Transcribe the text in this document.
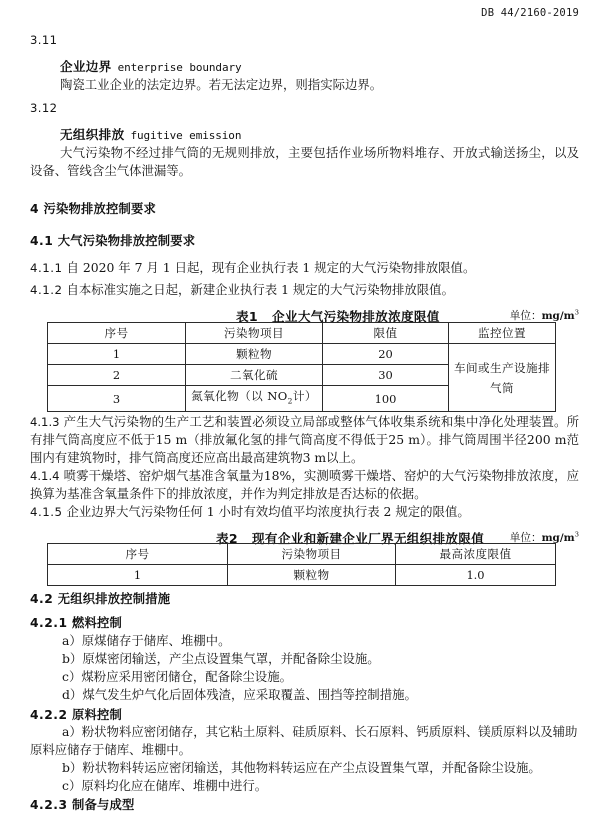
DB 44/2160-2019
3.11
企业边界 enterprise boundary
陶瓷工业企业的法定边界。若无法定边界，则指实际边界。
3.12
无组织排放 fugitive emission
大气污染物不经过排气筒的无规则排放，主要包括作业场所物料堆存、开放式输送扬尘，以及设备、管线含尘气体泄漏等。
4 污染物排放控制要求
4.1 大气污染物排放控制要求
4.1.1 自 2020 年 7 月 1 日起，现有企业执行表 1 规定的大气污染物排放限值。
4.1.2 自本标准实施之日起，新建企业执行表 1 规定的大气污染物排放限值。
表1 企业大气污染物排放浓度限值	单位：$mg/m^3$
序号	污染物项目	限值	监控位置
1	颗粒物	20	车间或生产设施排气筒
2	二氧化硫	30	
3	氮氧化物（以 $NO_2$计）	100	
4.1.3 产生大气污染物的生产工艺和装置必须设立局部或整体气体收集系统和集中净化处理装置。所有排气筒高度应不低于15 m（排放氟化氢的排气筒高度不得低于25 m）。排气筒周围半径200 m范围内有建筑物时，排气筒高度还应高出最高建筑物3 m以上。
4.1.4 喷雾干燥塔、窑炉烟气基准含氧量为18%，实测喷雾干燥塔、窑炉的大气污染物排放浓度，应换算为基准含氧量条件下的排放浓度，并作为判定排放是否达标的依据。
4.1.5 企业边界大气污染物任何 1 小时有效均值平均浓度执行表 2 规定的限值。
表2 现有企业和新建企业厂界无组织排放限值 单位：$mg/m^3$
序号	污染物项目	最高浓度限值
1	颗粒物	1.0
4.2 无组织排放控制措施
4.2.1 燃料控制
a）原煤储存于储库、堆棚中。
b）原煤密闭输送，产尘点设置集气罩，并配备除尘设施。
c）煤粉应采用密闭储仓，配备除尘设施。
d）煤气发生炉气化后固体残渣，应采取覆盖、围挡等控制措施。
4.2.2 原料控制
a）粉状物料应密闭储存，其它粘土原料、硅质原料、长石原料、钙质原料、镁质原料以及辅助原料应储存于储库、堆棚中。
b）粉状物料转运应密闭输送，其他物料转运应在产尘点设置集气罩，并配备除尘设施。
c）原料均化应在储库、堆棚中进行。
4.2.3 制备与成型
